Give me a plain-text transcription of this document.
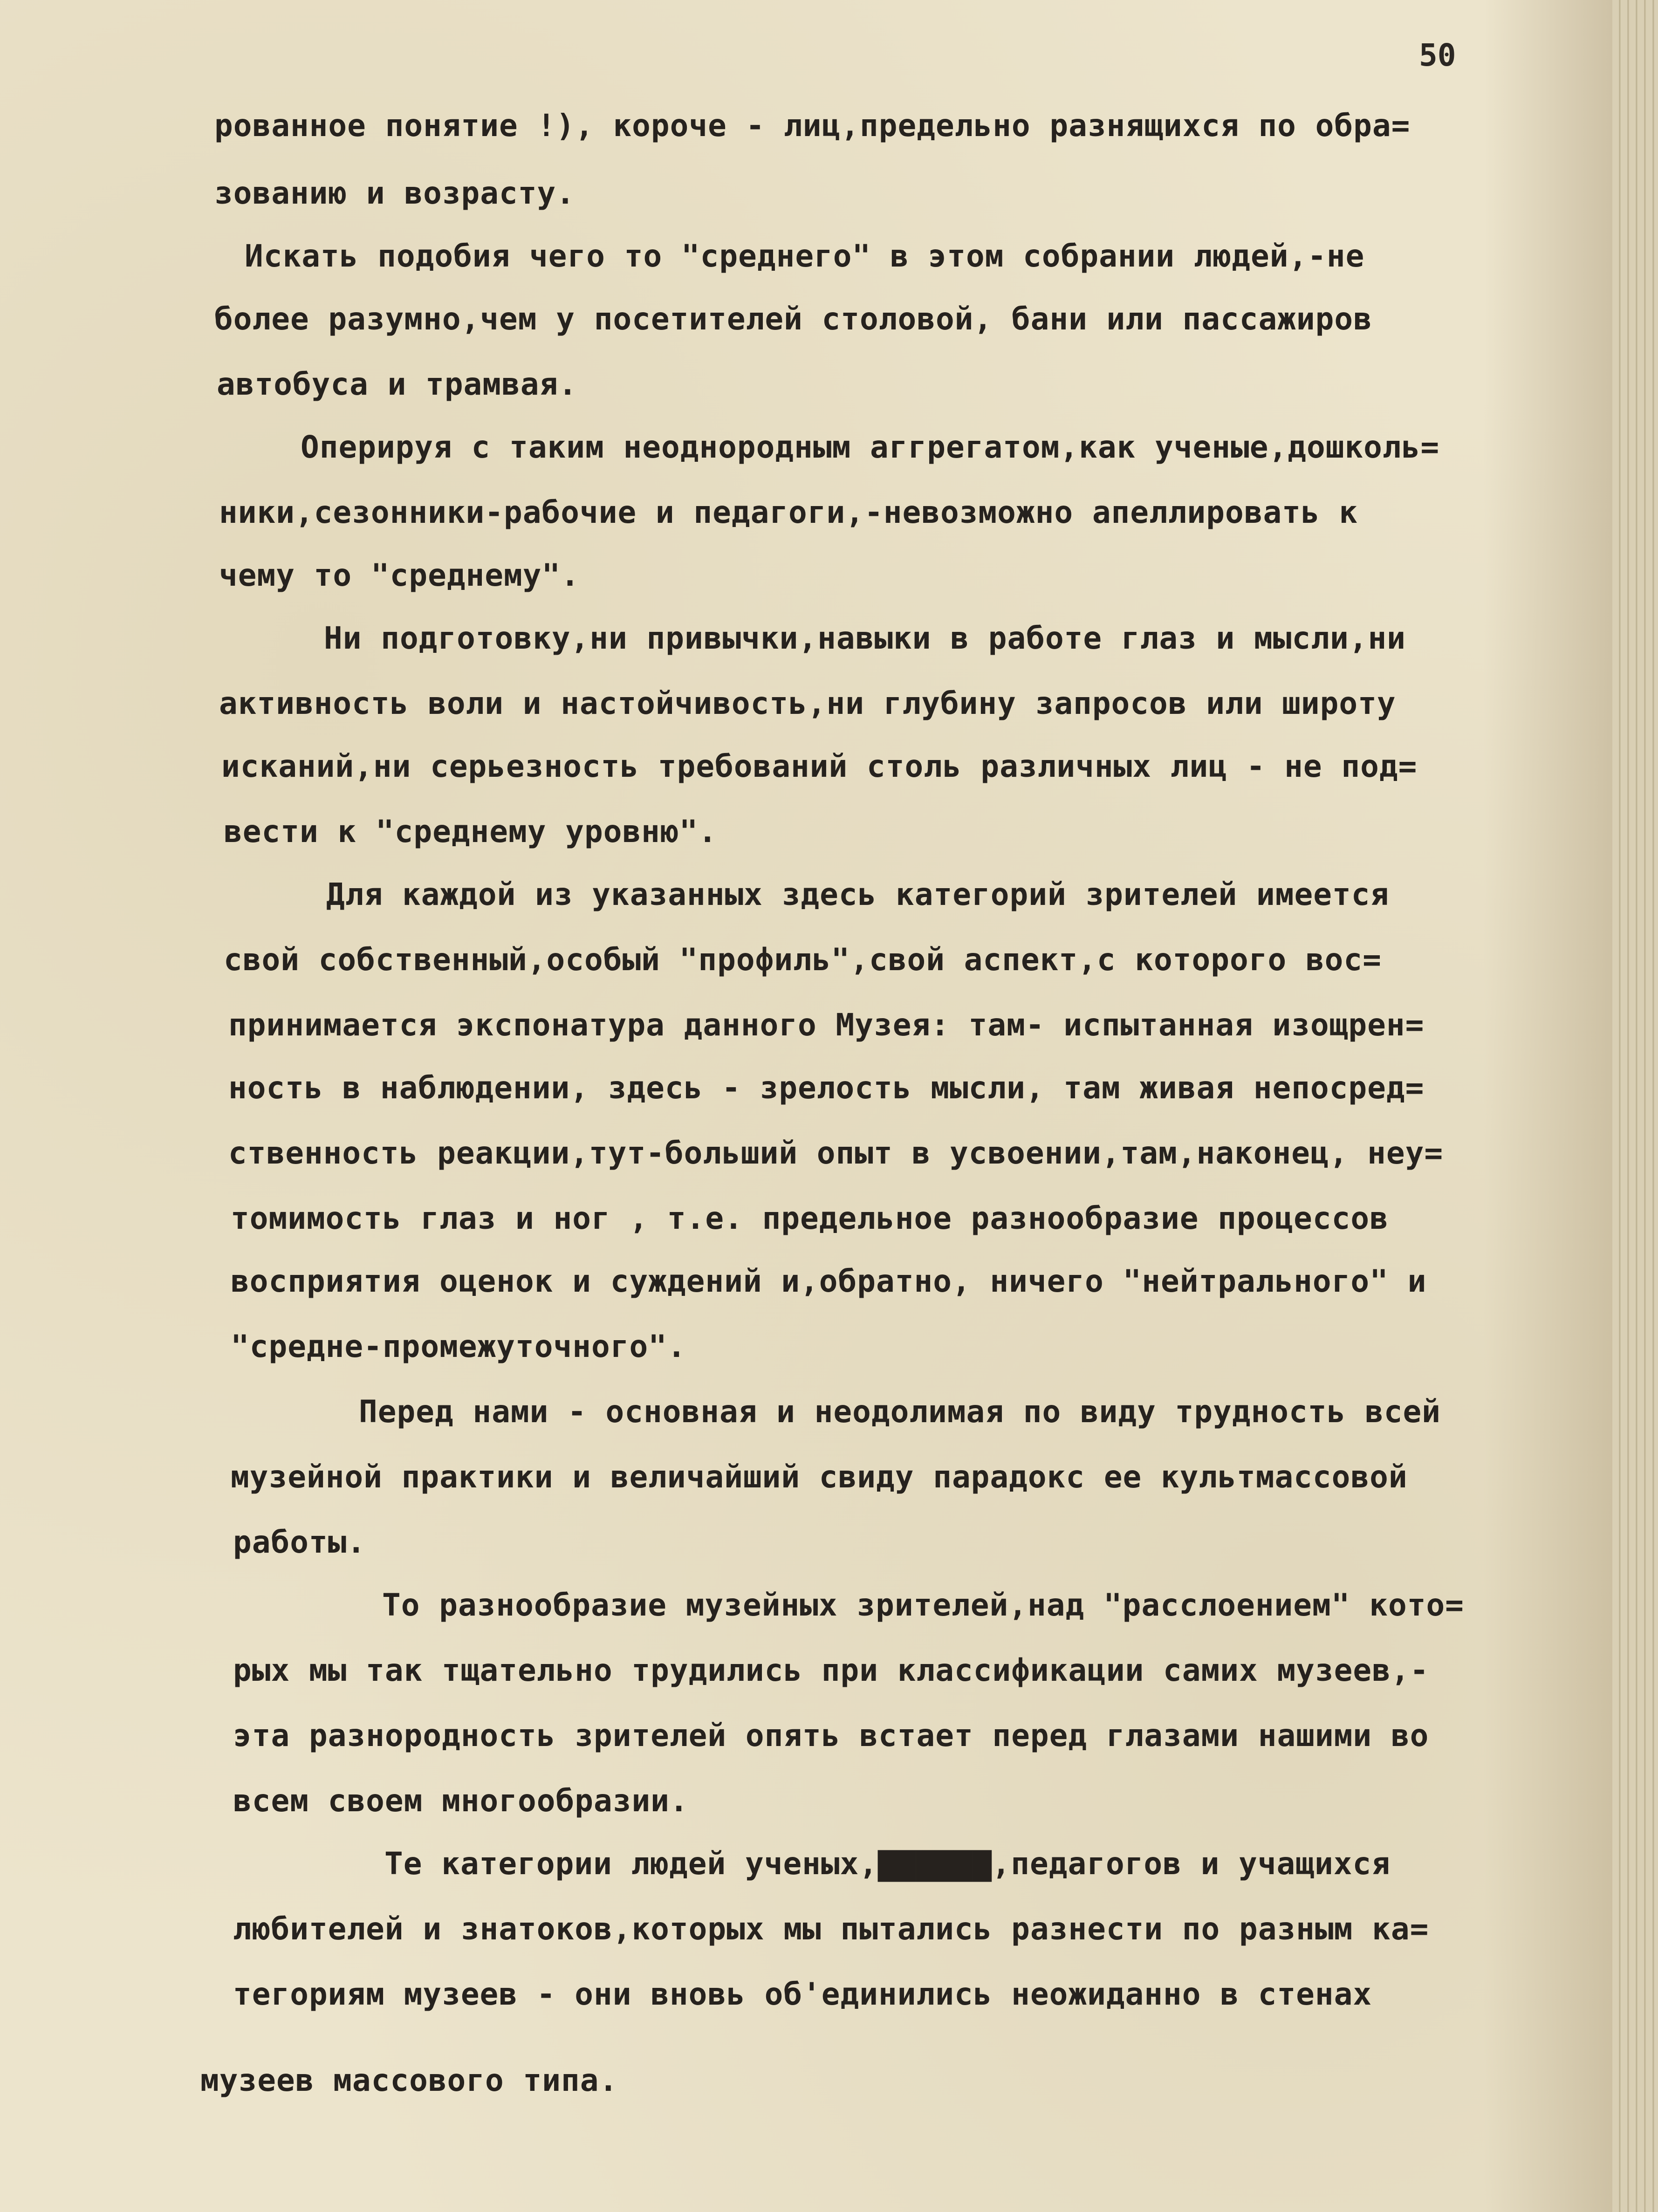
50
рованное понятие !), короче - лиц,предельно разнящихся по обра=
зованию и возрасту.
Искать подобия чего то "среднего" в этом собрании людей,-не
более разумно,чем у посетителей столовой, бани или пассажиров
автобуса и трамвая.
Оперируя с таким неоднородным аггрегатом,как ученые,дошколь=
ники,сезонники-рабочие и педагоги,-невозможно апеллировать к
чему то "среднему".
Ни подготовку,ни привычки,навыки в работе глаз и мысли,ни
активность воли и настойчивость,ни глубину запросов или широту
исканий,ни серьезность требований столь различных лиц - не под=
вести к "среднему уровню".
Для каждой из указанных здесь категорий зрителей имеется
свой собственный,особый "профиль",свой аспект,с которого вос=
принимается экспонатура данного Музея: там- испытанная изощрен=
ность в наблюдении, здесь - зрелость мысли, там живая непосред=
ственность реакции,тут-больший опыт в усвоении,там,наконец, неу=
томимость глаз и ног , т.е. предельное разнообразие процессов
восприятия оценок и суждений и,обратно, ничего "нейтрального" и
"средне-промежуточного".
Перед нами - основная и неодолимая по виду трудность всей
музейной практики и величайший свиду парадокс ее культмассовой
работы.
То разнообразие музейных зрителей,над "расслоением" кото=
рых мы так тщательно трудились при классификации самих музеев,-
эта разнородность зрителей опять встает перед глазами нашими во
всем своем многообразии.
Те категории людей ученых,▇▇▇▇▇▇,педагогов и учащихся
любителей и знатоков,которых мы пытались разнести по разным ка=
тегориям музеев - они вновь об'единились неожиданно в стенах
музеев массового типа.
